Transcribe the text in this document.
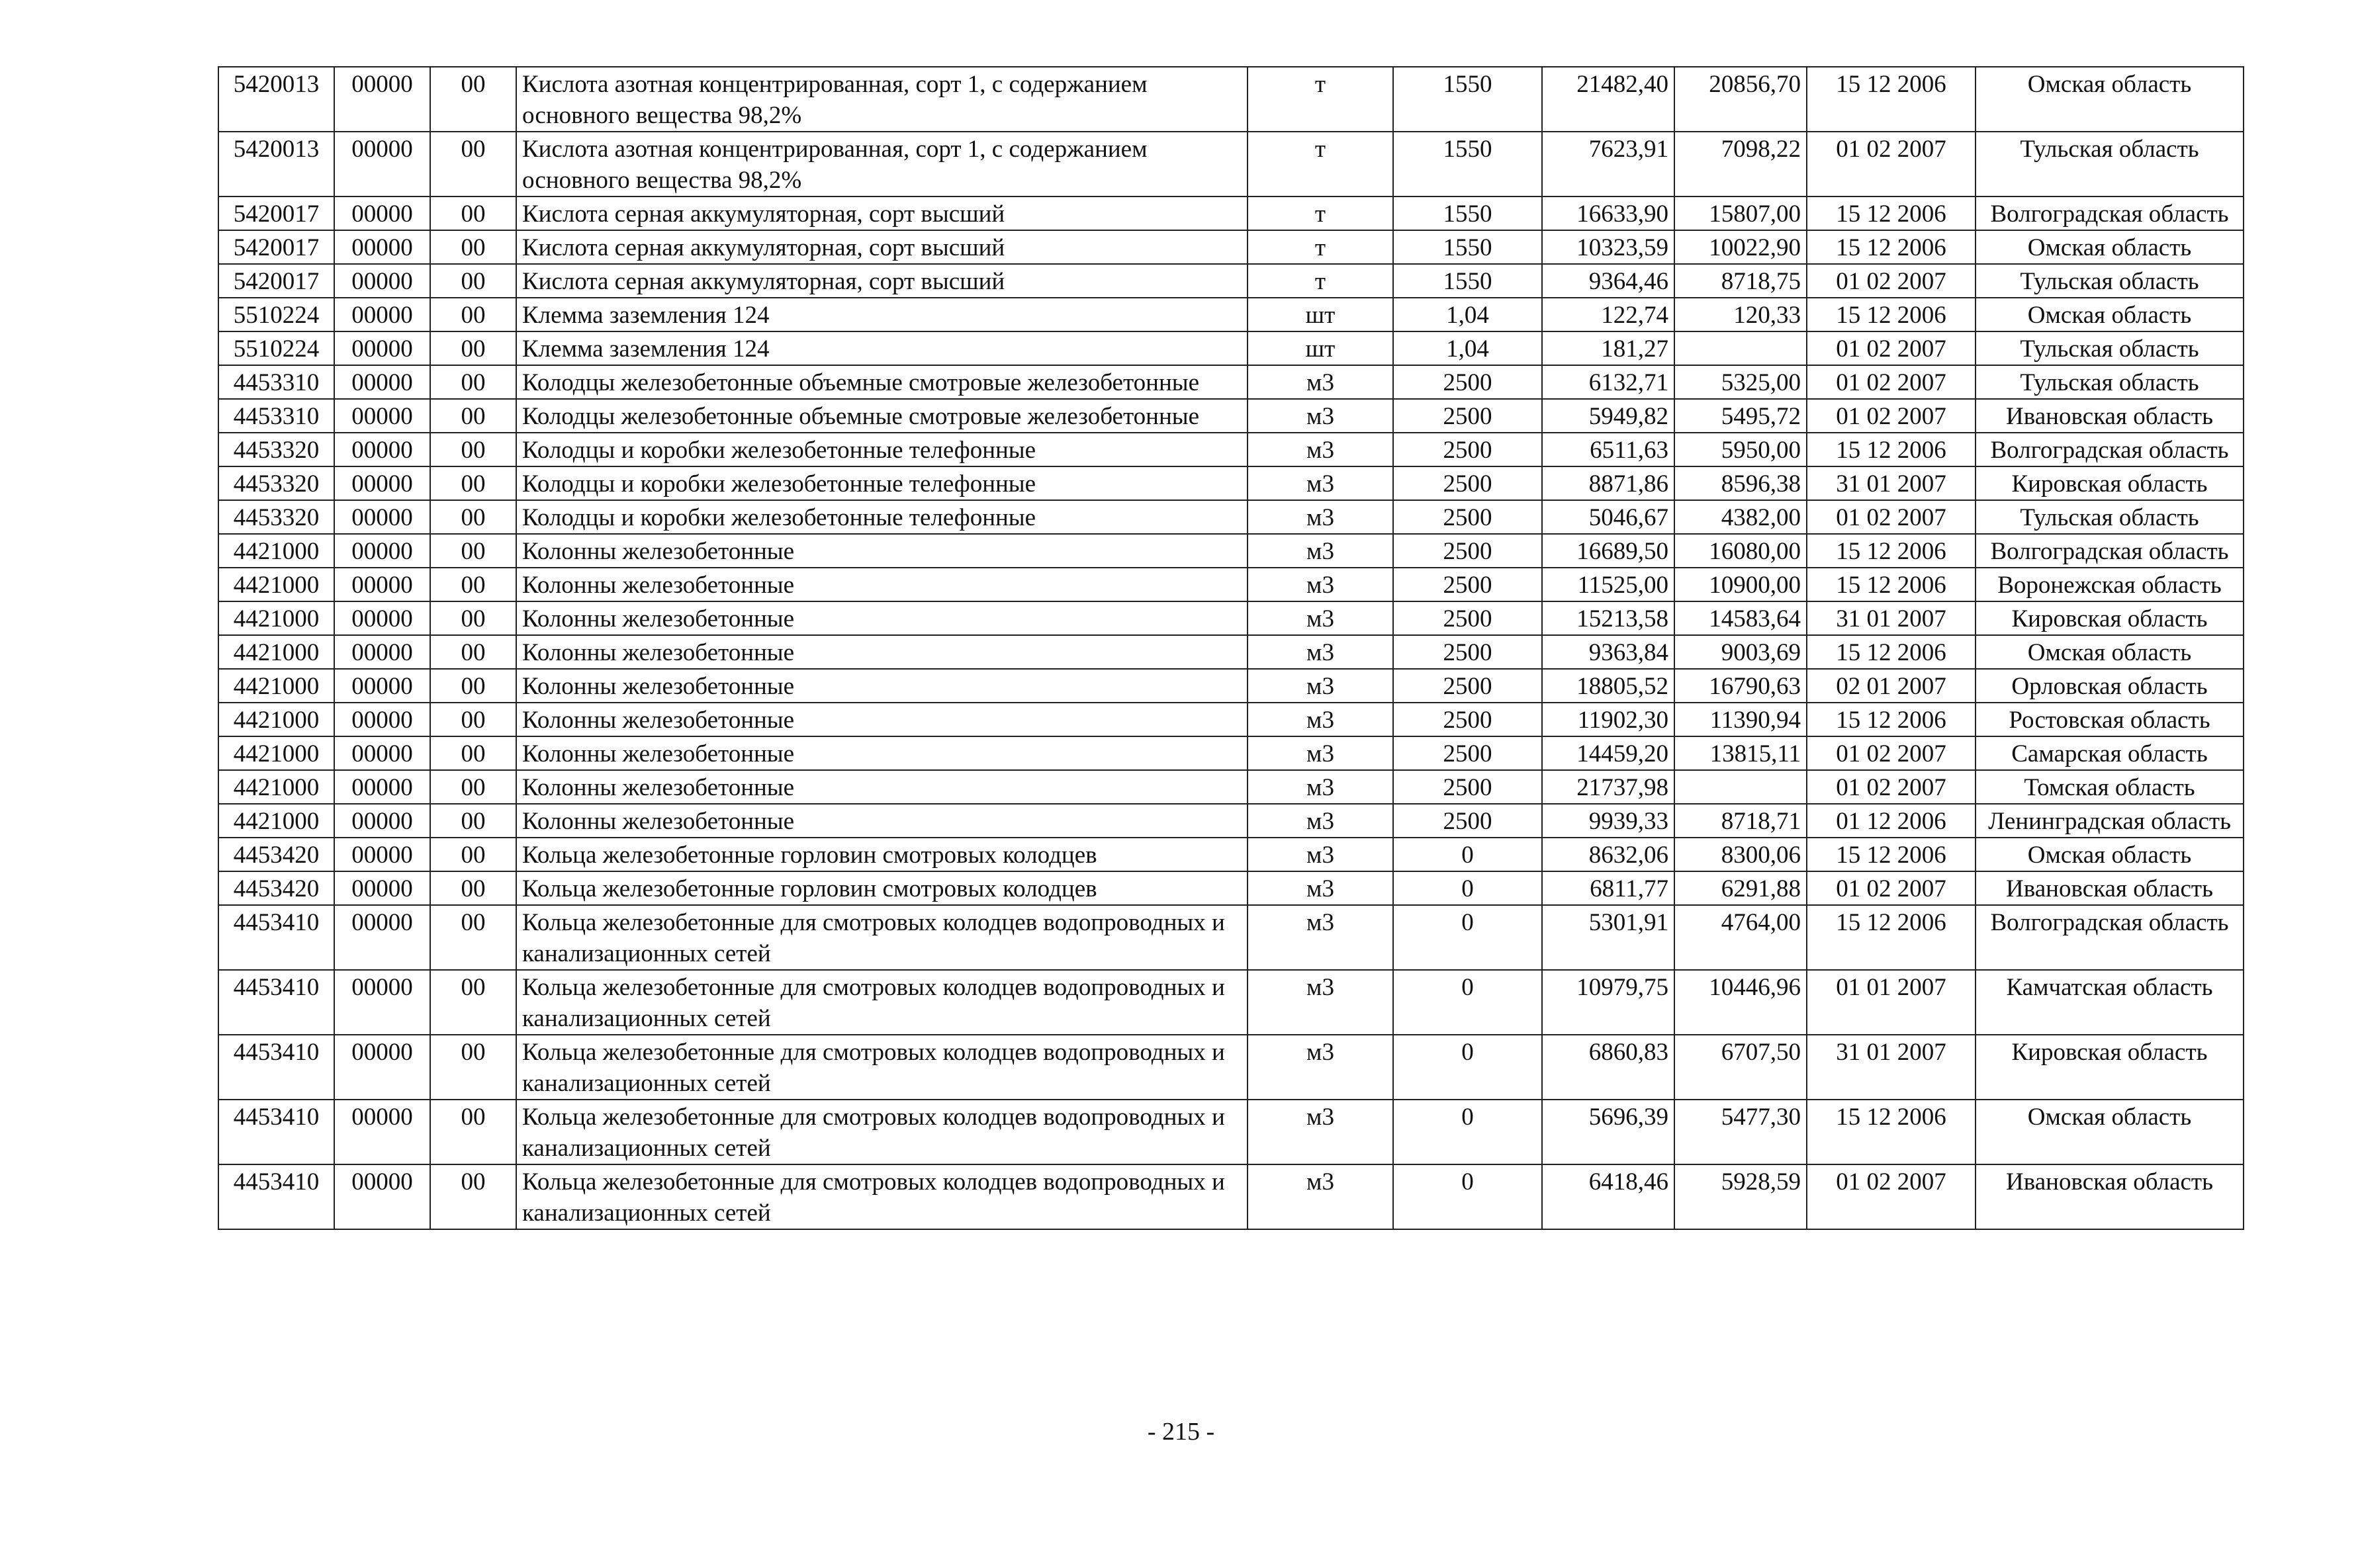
5420013	00000	00	Кислота азотная концентрированная, сорт 1, с содержанием основного вещества 98,2%	т	1550	21482,40	20856,70	15 12 2006	Омская область
5420013	00000	00	Кислота азотная концентрированная, сорт 1, с содержанием основного вещества 98,2%	т	1550	7623,91	7098,22	01 02 2007	Тульская область
5420017	00000	00	Кислота серная аккумуляторная, сорт высший	т	1550	16633,90	15807,00	15 12 2006	Волгоградская область
5420017	00000	00	Кислота серная аккумуляторная, сорт высший	т	1550	10323,59	10022,90	15 12 2006	Омская область
5420017	00000	00	Кислота серная аккумуляторная, сорт высший	т	1550	9364,46	8718,75	01 02 2007	Тульская область
5510224	00000	00	Клемма заземления 124	шт	1,04	122,74	120,33	15 12 2006	Омская область
5510224	00000	00	Клемма заземления 124	шт	1,04	181,27		01 02 2007	Тульская область
4453310	00000	00	Колодцы железобетонные объемные смотровые железобетонные	м3	2500	6132,71	5325,00	01 02 2007	Тульская область
4453310	00000	00	Колодцы железобетонные объемные смотровые железобетонные	м3	2500	5949,82	5495,72	01 02 2007	Ивановская область
4453320	00000	00	Колодцы и коробки железобетонные телефонные	м3	2500	6511,63	5950,00	15 12 2006	Волгоградская область
4453320	00000	00	Колодцы и коробки железобетонные телефонные	м3	2500	8871,86	8596,38	31 01 2007	Кировская область
4453320	00000	00	Колодцы и коробки железобетонные телефонные	м3	2500	5046,67	4382,00	01 02 2007	Тульская область
4421000	00000	00	Колонны железобетонные	м3	2500	16689,50	16080,00	15 12 2006	Волгоградская область
4421000	00000	00	Колонны железобетонные	м3	2500	11525,00	10900,00	15 12 2006	Воронежская область
4421000	00000	00	Колонны железобетонные	м3	2500	15213,58	14583,64	31 01 2007	Кировская область
4421000	00000	00	Колонны железобетонные	м3	2500	9363,84	9003,69	15 12 2006	Омская область
4421000	00000	00	Колонны железобетонные	м3	2500	18805,52	16790,63	02 01 2007	Орловская область
4421000	00000	00	Колонны железобетонные	м3	2500	11902,30	11390,94	15 12 2006	Ростовская область
4421000	00000	00	Колонны железобетонные	м3	2500	14459,20	13815,11	01 02 2007	Самарская область
4421000	00000	00	Колонны железобетонные	м3	2500	21737,98		01 02 2007	Томская область
4421000	00000	00	Колонны железобетонные	м3	2500	9939,33	8718,71	01 12 2006	Ленинградская область
4453420	00000	00	Кольца железобетонные горловин смотровых колодцев	м3	0	8632,06	8300,06	15 12 2006	Омская область
4453420	00000	00	Кольца железобетонные горловин смотровых колодцев	м3	0	6811,77	6291,88	01 02 2007	Ивановская область
4453410	00000	00	Кольца железобетонные для смотровых колодцев водопроводных и канализационных сетей	м3	0	5301,91	4764,00	15 12 2006	Волгоградская область
4453410	00000	00	Кольца железобетонные для смотровых колодцев водопроводных и канализационных сетей	м3	0	10979,75	10446,96	01 01 2007	Камчатская область
4453410	00000	00	Кольца железобетонные для смотровых колодцев водопроводных и канализационных сетей	м3	0	6860,83	6707,50	31 01 2007	Кировская область
4453410	00000	00	Кольца железобетонные для смотровых колодцев водопроводных и канализационных сетей	м3	0	5696,39	5477,30	15 12 2006	Омская область
4453410	00000	00	Кольца железобетонные для смотровых колодцев водопроводных и канализационных сетей	м3	0	6418,46	5928,59	01 02 2007	Ивановская область
- 215 -
